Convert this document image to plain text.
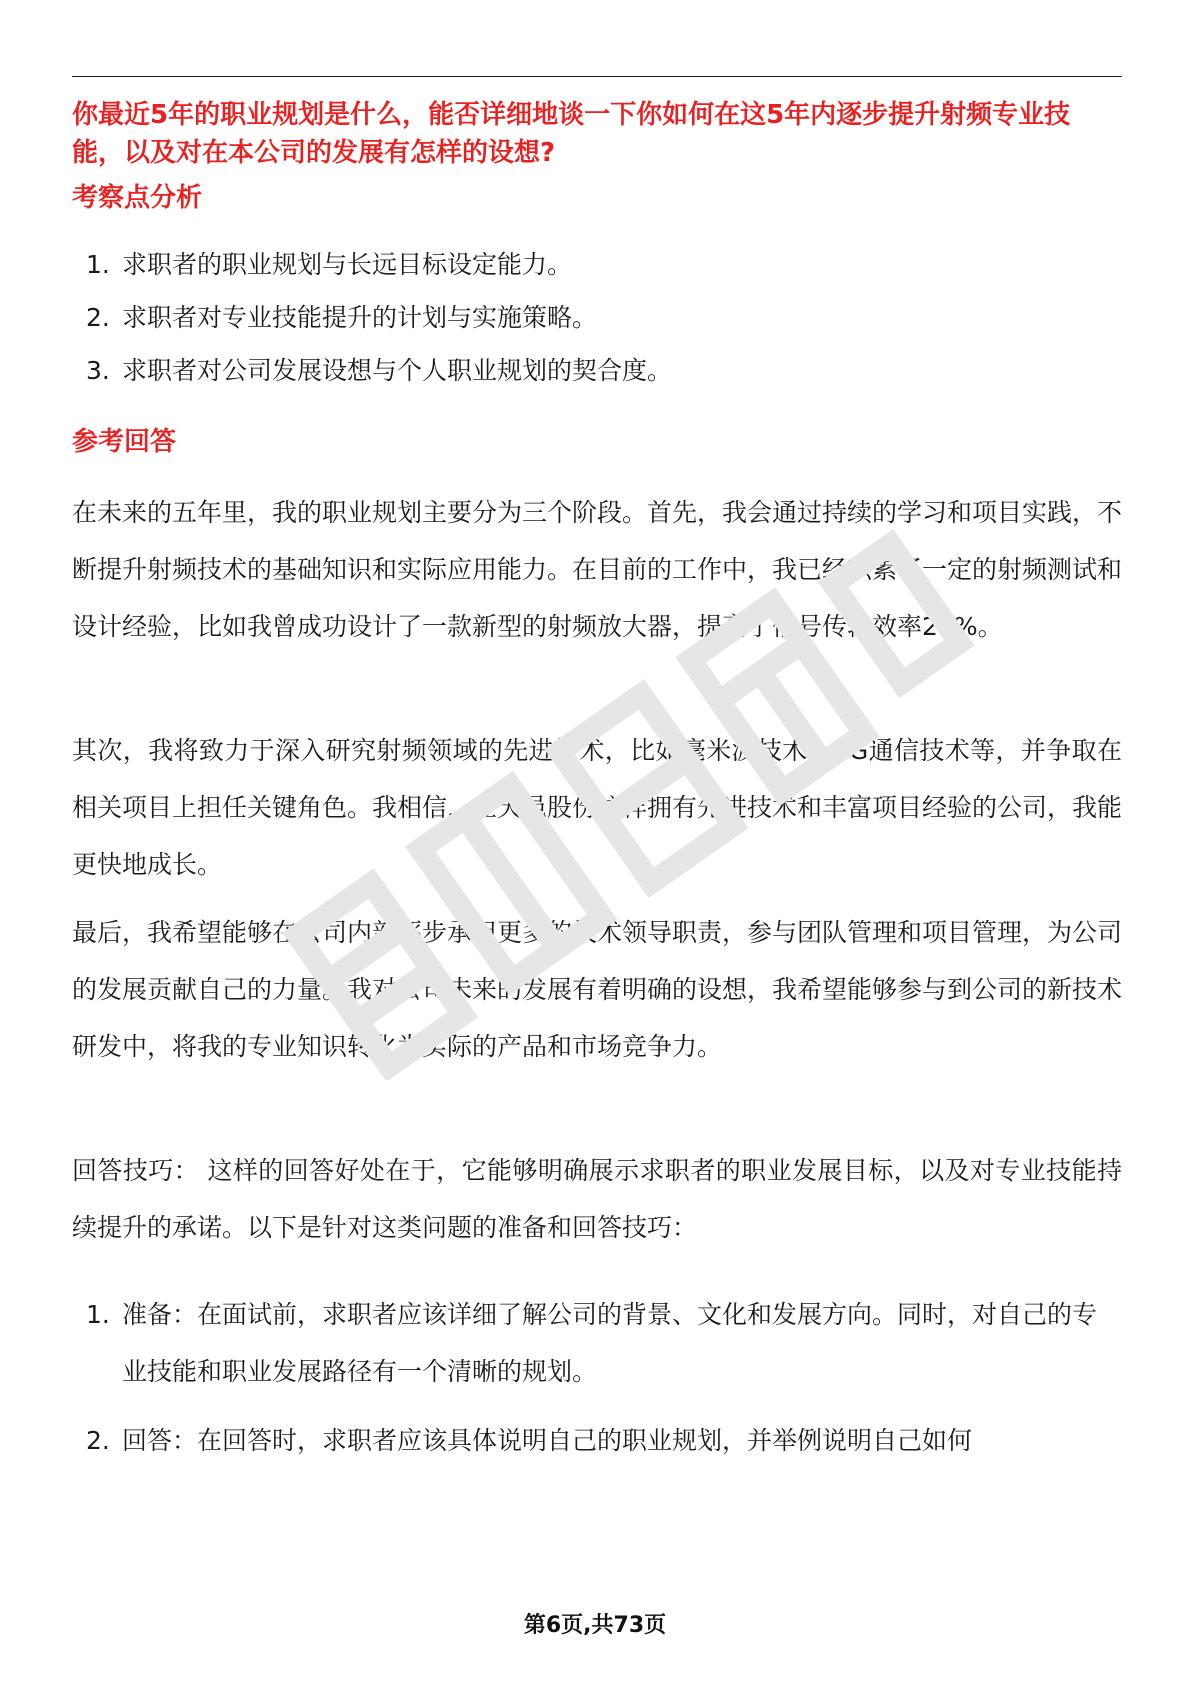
你最近5年的职业规划是什么，能否详细地谈一下你如何在这5年内逐步提升射频专业技能，以及对在本公司的发展有怎样的设想?

考察点分析
1. 求职者的职业规划与长远目标设定能力。
2. 求职者对专业技能提升的计划与实施策略。
3. 求职者对公司发展设想与个人职业规划的契合度。
参考回答

在未来的五年里，我的职业规划主要分为三个阶段。首先，我会通过持续的学习和项目实践，不断提升射频技术的基础知识和实际应用能力。在目前的工作中，我已经积累了一定的射频测试和设计经验，比如我曾成功设计了一款新型的射频放大器，提高了信号传输效率20%。

其次，我将致力于深入研究射频领域的先进技术，比如毫米波技术、5G通信技术等，并争取在相关项目上担任关键角色。我相信，在天邑股份这样拥有先进技术和丰富项目经验的公司，我能更快地成长。

最后，我希望能够在公司内部逐步承担更多的技术领导职责，参与团队管理和项目管理，为公司的发展贡献自己的力量。我对公司未来的发展有着明确的设想，我希望能够参与到公司的新技术研发中，将我的专业知识转化为实际的产品和市场竞争力。

回答技巧： 这样的回答好处在于，它能够明确展示求职者的职业发展目标，以及对专业技能持续提升的承诺。以下是针对这类问题的准备和回答技巧：

1. 准备：在面试前，求职者应该详细了解公司的背景、文化和发展方向。同时，对自己的专业技能和职业发展路径有一个清晰的规划。
2. 回答：在回答时，求职者应该具体说明自己的职业规划，并举例说明自己如何
第6页,共73页
